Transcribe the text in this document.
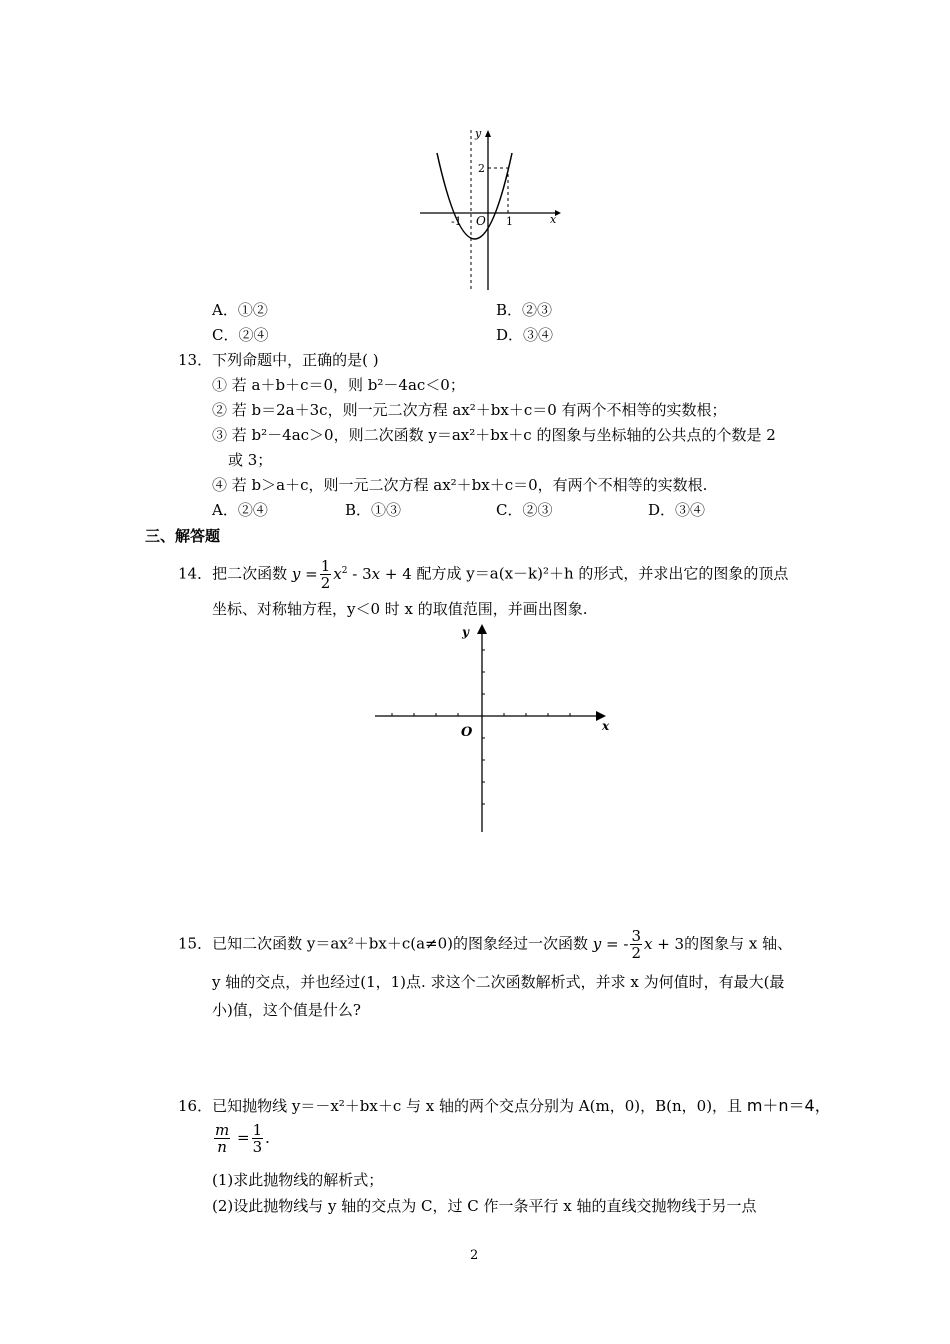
y
x
O
-1	1
2
A．①②	B．②③
C．②④	D．③④
13．下列命题中，正确的是( )
① 若 a＋b＋c＝0，则 b²－4ac＜0；
② 若 b＝2a＋3c，则一元二次方程 ax²＋bx＋c＝0 有两个不相等的实数根；
③ 若 b²－4ac＞0，则二次函数 y＝ax²＋bx＋c 的图象与坐标轴的公共点的个数是 2
或 3；
④ 若 b＞a＋c，则一元二次方程 ax²＋bx＋c＝0，有两个不相等的实数根.
A．②④	B．①③	C．②③	D．③④
三、解答题
14．把二次函数 $y = \frac{1}{2} x^2 - 3x + 4$ 配方成 y＝a(x－k)²＋h 的形式，并求出它的图象的顶点
坐标、对称轴方程，y＜0 时 x 的取值范围，并画出图象.
y
x
O
15．已知二次函数 y＝ax²＋bx＋c(a≠0)的图象经过一次函数 y = - $\frac{3}{2}$ x + 3的图象与 x 轴、
y 轴的交点，并也经过(1，1)点. 求这个二次函数解析式，并求 x 为何值时，有最大(最
小)值，这个值是什么?
16．已知抛物线 y＝－x²＋bx＋c 与 x 轴的两个交点分别为 A(m，0)，B(n，0)，且 m＋n＝4，
$\frac{m}{n} = \frac{1}{3}$ ．
(1)求此抛物线的解析式；
(2)设此抛物线与 y 轴的交点为 C，过 C 作一条平行 x 轴的直线交抛物线于另一点
2
